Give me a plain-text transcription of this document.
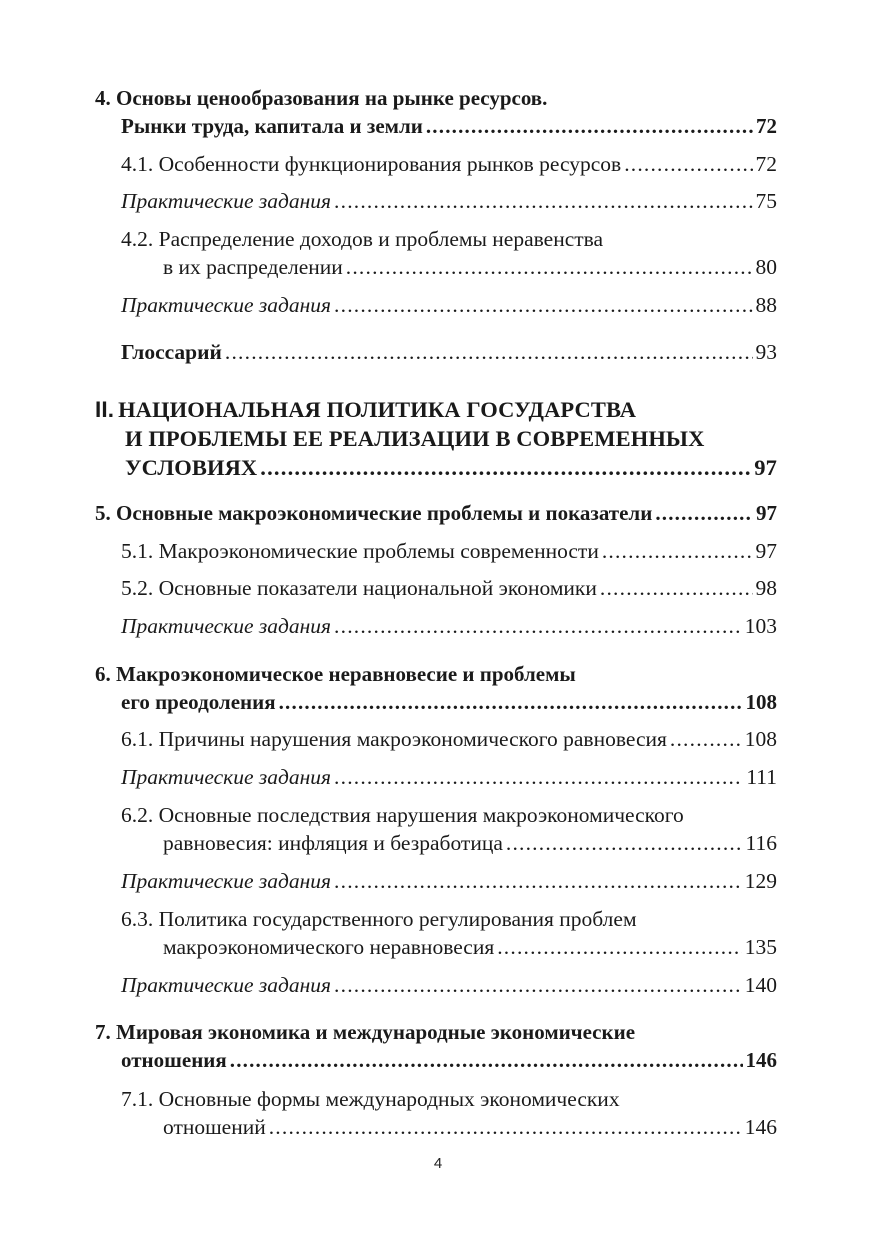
4. Основы ценообразования на рынке ресурсов.
Рынки труда, капитала и земли .....	72
4.1. Особенности функционирования рынков ресурсов .....	72
Практические задания .....	75
4.2. Распределение доходов и проблемы неравенства
в их распределении .....	80
Практические задания .....	88
Глоссарий .....	93
II. НАЦИОНАЛЬНАЯ ПОЛИТИКА ГОСУДАРСТВА
И ПРОБЛЕМЫ ЕЕ РЕАЛИЗАЦИИ В СОВРЕМЕННЫХ
УСЛОВИЯХ .....	97
5. Основные макроэкономические проблемы и показатели .....	97
5.1. Макроэкономические проблемы современности .....	97
5.2. Основные показатели национальной экономики .....	98
Практические задания .....	103
6. Макроэкономическое неравновесие и проблемы
его преодоления .....	108
6.1. Причины нарушения макроэкономического равновесия .....	108
Практические задания .....	111
6.2. Основные последствия нарушения макроэкономического
равновесия: инфляция и безработица .....	116
Практические задания .....	129
6.3. Политика государственного регулирования проблем
макроэкономического неравновесия .....	135
Практические задания .....	140
7. Мировая экономика и международные экономические
отношения .....	146
7.1. Основные формы международных экономических
отношений .....	146
4
